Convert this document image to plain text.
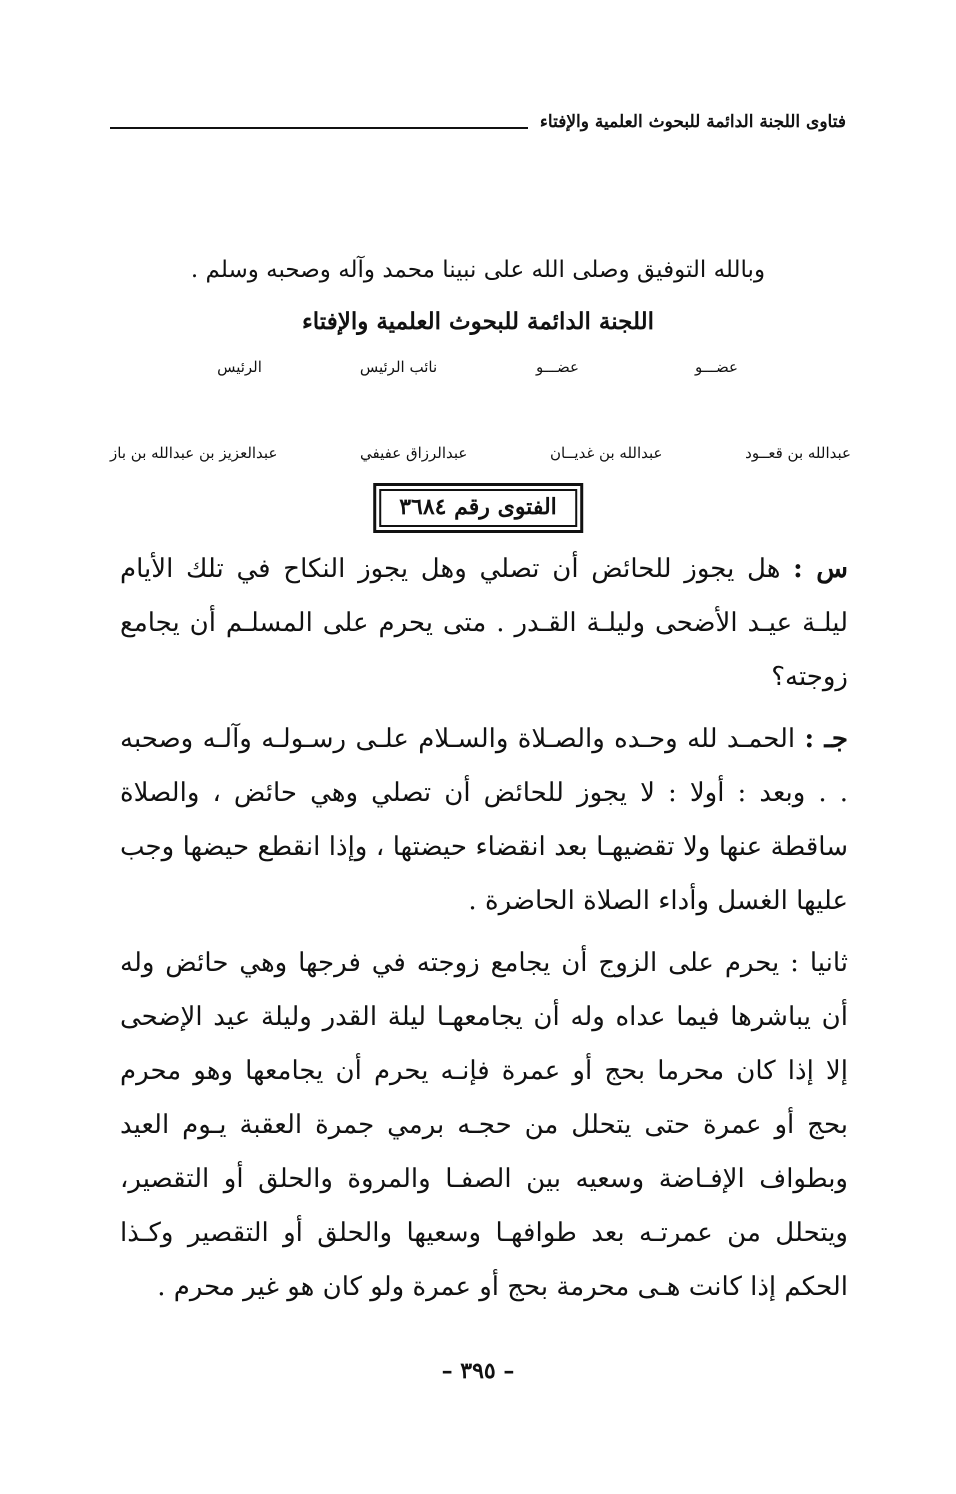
فتاوى اللجنة الدائمة للبحوث العلمية والإفتاء
وبالله التوفيق وصلى الله على نبينا محمد وآله وصحبه وسلم .
اللجنة الدائمة للبحوث العلمية والإفتاء
عضـــو
عضـــو
نائب الرئيس
الرئيس
عبدالله بن قعــود
عبدالله بن غديــان
عبدالرزاق عفيفي
عبدالعزيز بن عبدالله بن باز
الفتوى رقم ٣٦٨٤

س : هل يجوز للحائض أن تصلي وهل يجوز النكاح في تلك الأيام ليلـة عيـد الأضحى وليلـة القـدر . متى يحرم على المسلـم أن يجامع زوجته؟

جـ : الحمـد لله وحـده والصـلاة والسـلام علـى رسـولـه وآلـه وصحبه . . وبعد : أولا : لا يجوز للحائض أن تصلي وهي حائض ، والصلاة ساقطة عنها ولا تقضيهـا بعد انقضاء حيضتها ، وإذا انقطع حيضها وجب عليها الغسل وأداء الصلاة الحاضرة .

ثانيا : يحرم على الزوج أن يجامع زوجته في فرجها وهي حائض وله أن يباشرها فيما عداه وله أن يجامعهـا ليلة القدر وليلة عيد الإضحى إلا إذا كان محرما بحج أو عمرة فإنـه يحرم أن يجامعها وهو محرم بحج أو عمرة حتى يتحلل من حجـه برمي جمرة العقبة يـوم العيد وبطواف الإفـاضة وسعيه بين الصفـا والمروة والحلق أو التقصير، ويتحلل من عمرتـه بعد طوافهـا وسعيها والحلق أو التقصير وكـذا الحكم إذا كانت هـى محرمة بحج أو عمرة ولو كان هو غير محرم .

– ٣٩٥ –
